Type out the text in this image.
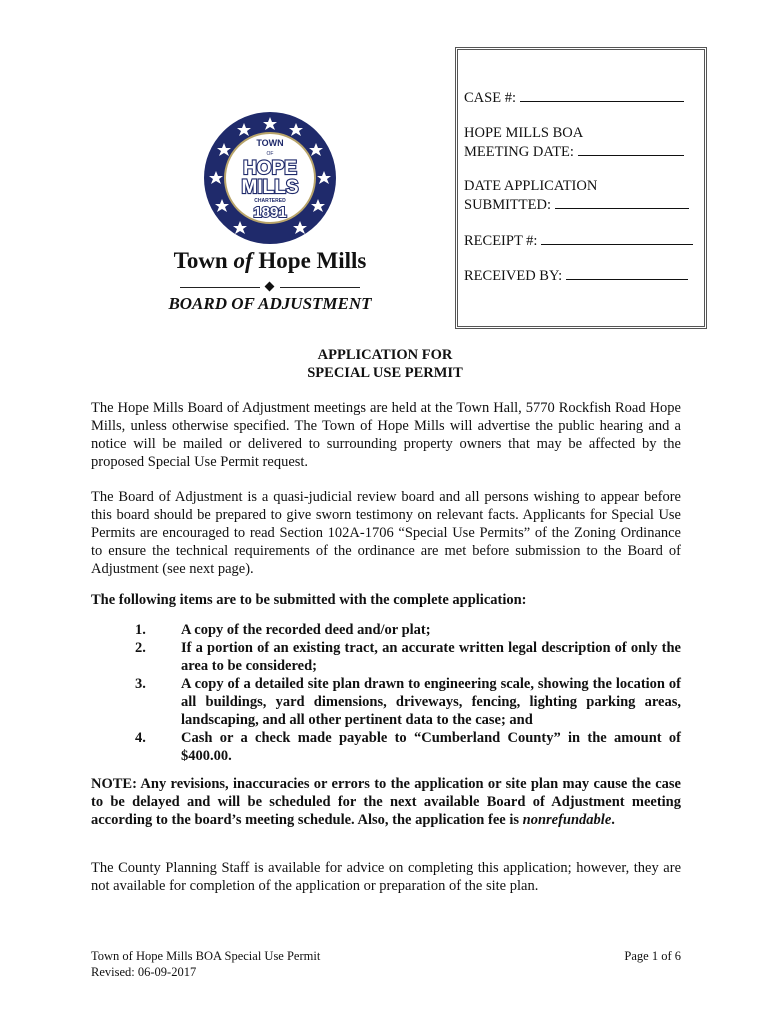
TOWN
OF
HOPE
MILLS
CHARTERED
1891
Town of Hope Mills
BOARD OF ADJUSTMENT
CASE #:
HOPE MILLS BOA
MEETING DATE:
DATE APPLICATION
SUBMITTED:
RECEIPT #:
RECEIVED BY:
APPLICATION FOR
SPECIAL USE PERMIT
The Hope Mills Board of Adjustment meetings are held at the Town Hall, 5770 Rockfish Road Hope Mills, unless otherwise specified. The Town of Hope Mills will advertise the public hearing and a notice will be mailed or delivered to surrounding property owners that may be affected by the proposed Special Use Permit request.
The Board of Adjustment is a quasi-judicial review board and all persons wishing to appear before this board should be prepared to give sworn testimony on relevant facts. Applicants for Special Use Permits are encouraged to read Section 102A-1706 “Special Use Permits” of the Zoning Ordinance to ensure the technical requirements of the ordinance are met before submission to the Board of Adjustment (see next page).
The following items are to be submitted with the complete application:
1.	A copy of the recorded deed and/or plat;
2.	If a portion of an existing tract, an accurate written legal description of only the area to be considered;
3.	A copy of a detailed site plan drawn to engineering scale, showing the location of all buildings, yard dimensions, driveways, fencing, lighting parking areas, landscaping, and all other pertinent data to the case; and
4.	Cash or a check made payable to “Cumberland County” in the amount of $400.00.
NOTE: Any revisions, inaccuracies or errors to the application or site plan may cause the case to be delayed and will be scheduled for the next available Board of Adjustment meeting according to the board’s meeting schedule. Also, the application fee is nonrefundable.
The County Planning Staff is available for advice on completing this application; however, they are not available for completion of the application or preparation of the site plan.
Town of Hope Mills BOA Special Use Permit
Revised: 06-09-2017
Page 1 of 6
